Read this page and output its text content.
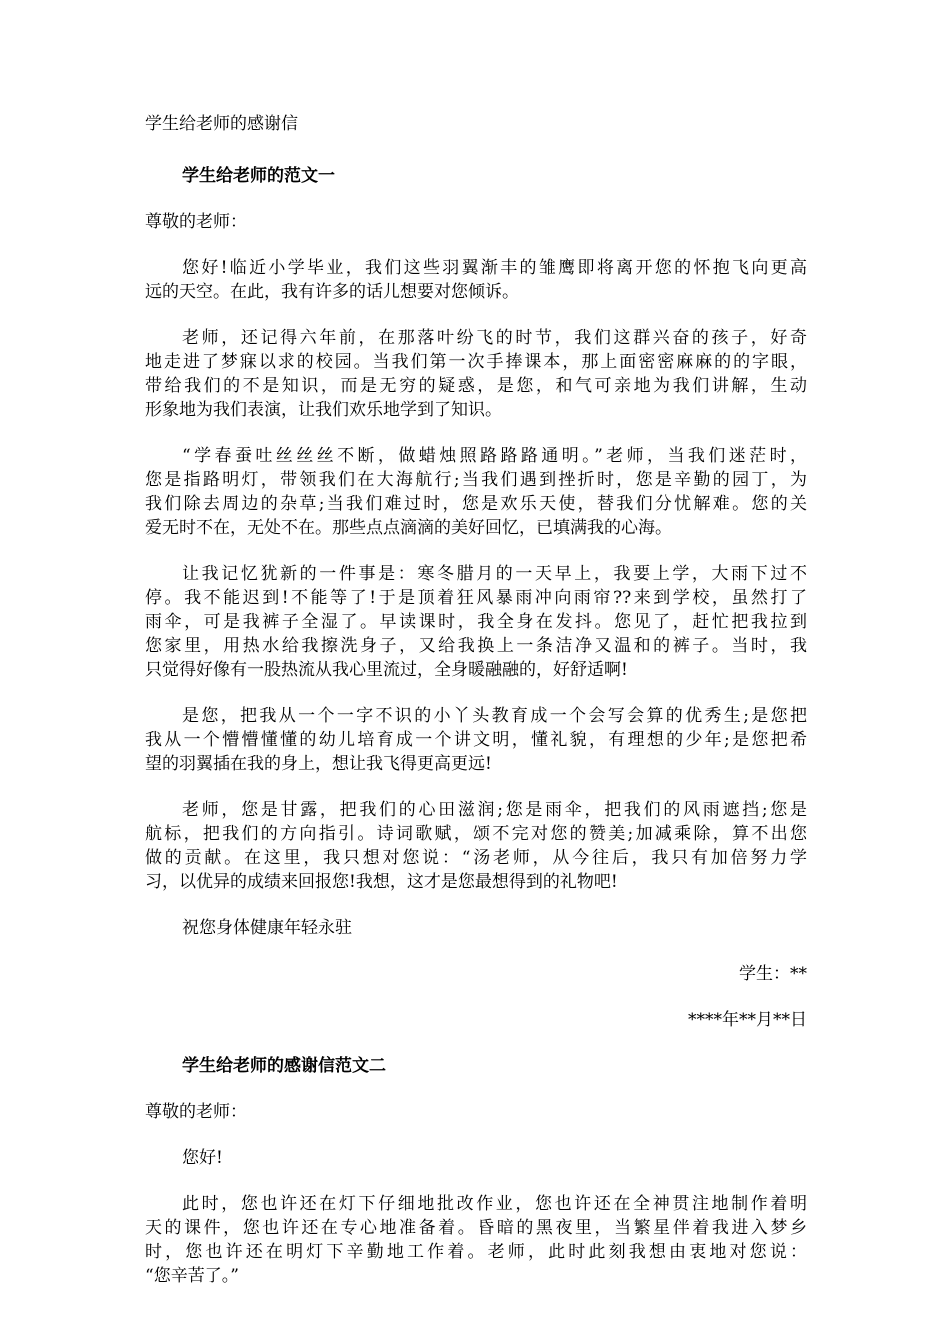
学生给老师的感谢信
学生给老师的范文一
尊敬的老师：
您好!临近小学毕业，我们这些羽翼渐丰的雏鹰即将离开您的怀抱飞向更高
远的天空。在此，我有许多的话儿想要对您倾诉。
老师，还记得六年前，在那落叶纷飞的时节，我们这群兴奋的孩子，好奇
地走进了梦寐以求的校园。当我们第一次手捧课本，那上面密密麻麻的的字眼，
带给我们的不是知识，而是无穷的疑惑，是您，和气可亲地为我们讲解，生动
形象地为我们表演，让我们欢乐地学到了知识。
“学春蚕吐丝丝丝不断，做蜡烛照路路路通明。”老师，当我们迷茫时，
您是指路明灯，带领我们在大海航行;当我们遇到挫折时，您是辛勤的园丁，为
我们除去周边的杂草;当我们难过时，您是欢乐天使，替我们分忧解难。您的关
爱无时不在，无处不在。那些点点滴滴的美好回忆，已填满我的心海。
让我记忆犹新的一件事是：寒冬腊月的一天早上，我要上学，大雨下过不
停。我不能迟到!不能等了!于是顶着狂风暴雨冲向雨帘??来到学校，虽然打了
雨伞，可是我裤子全湿了。早读课时，我全身在发抖。您见了，赶忙把我拉到
您家里，用热水给我擦洗身子，又给我换上一条洁净又温和的裤子。当时，我
只觉得好像有一股热流从我心里流过，全身暖融融的，好舒适啊!
是您，把我从一个一字不识的小丫头教育成一个会写会算的优秀生;是您把
我从一个懵懵懂懂的幼儿培育成一个讲文明，懂礼貌，有理想的少年;是您把希
望的羽翼插在我的身上，想让我飞得更高更远!
老师，您是甘露，把我们的心田滋润;您是雨伞，把我们的风雨遮挡;您是
航标，把我们的方向指引。诗词歌赋，颂不完对您的赞美;加减乘除，算不出您
做的贡献。在这里，我只想对您说：“汤老师，从今往后，我只有加倍努力学
习，以优异的成绩来回报您!我想，这才是您最想得到的礼物吧!
祝您身体健康年轻永驻
学生：**
****年**月**日
学生给老师的感谢信范文二
尊敬的老师：
您好!
此时，您也许还在灯下仔细地批改作业，您也许还在全神贯注地制作着明
天的课件，您也许还在专心地准备着。昏暗的黑夜里，当繁星伴着我进入梦乡
时，您也许还在明灯下辛勤地工作着。老师，此时此刻我想由衷地对您说：
“您辛苦了。”
